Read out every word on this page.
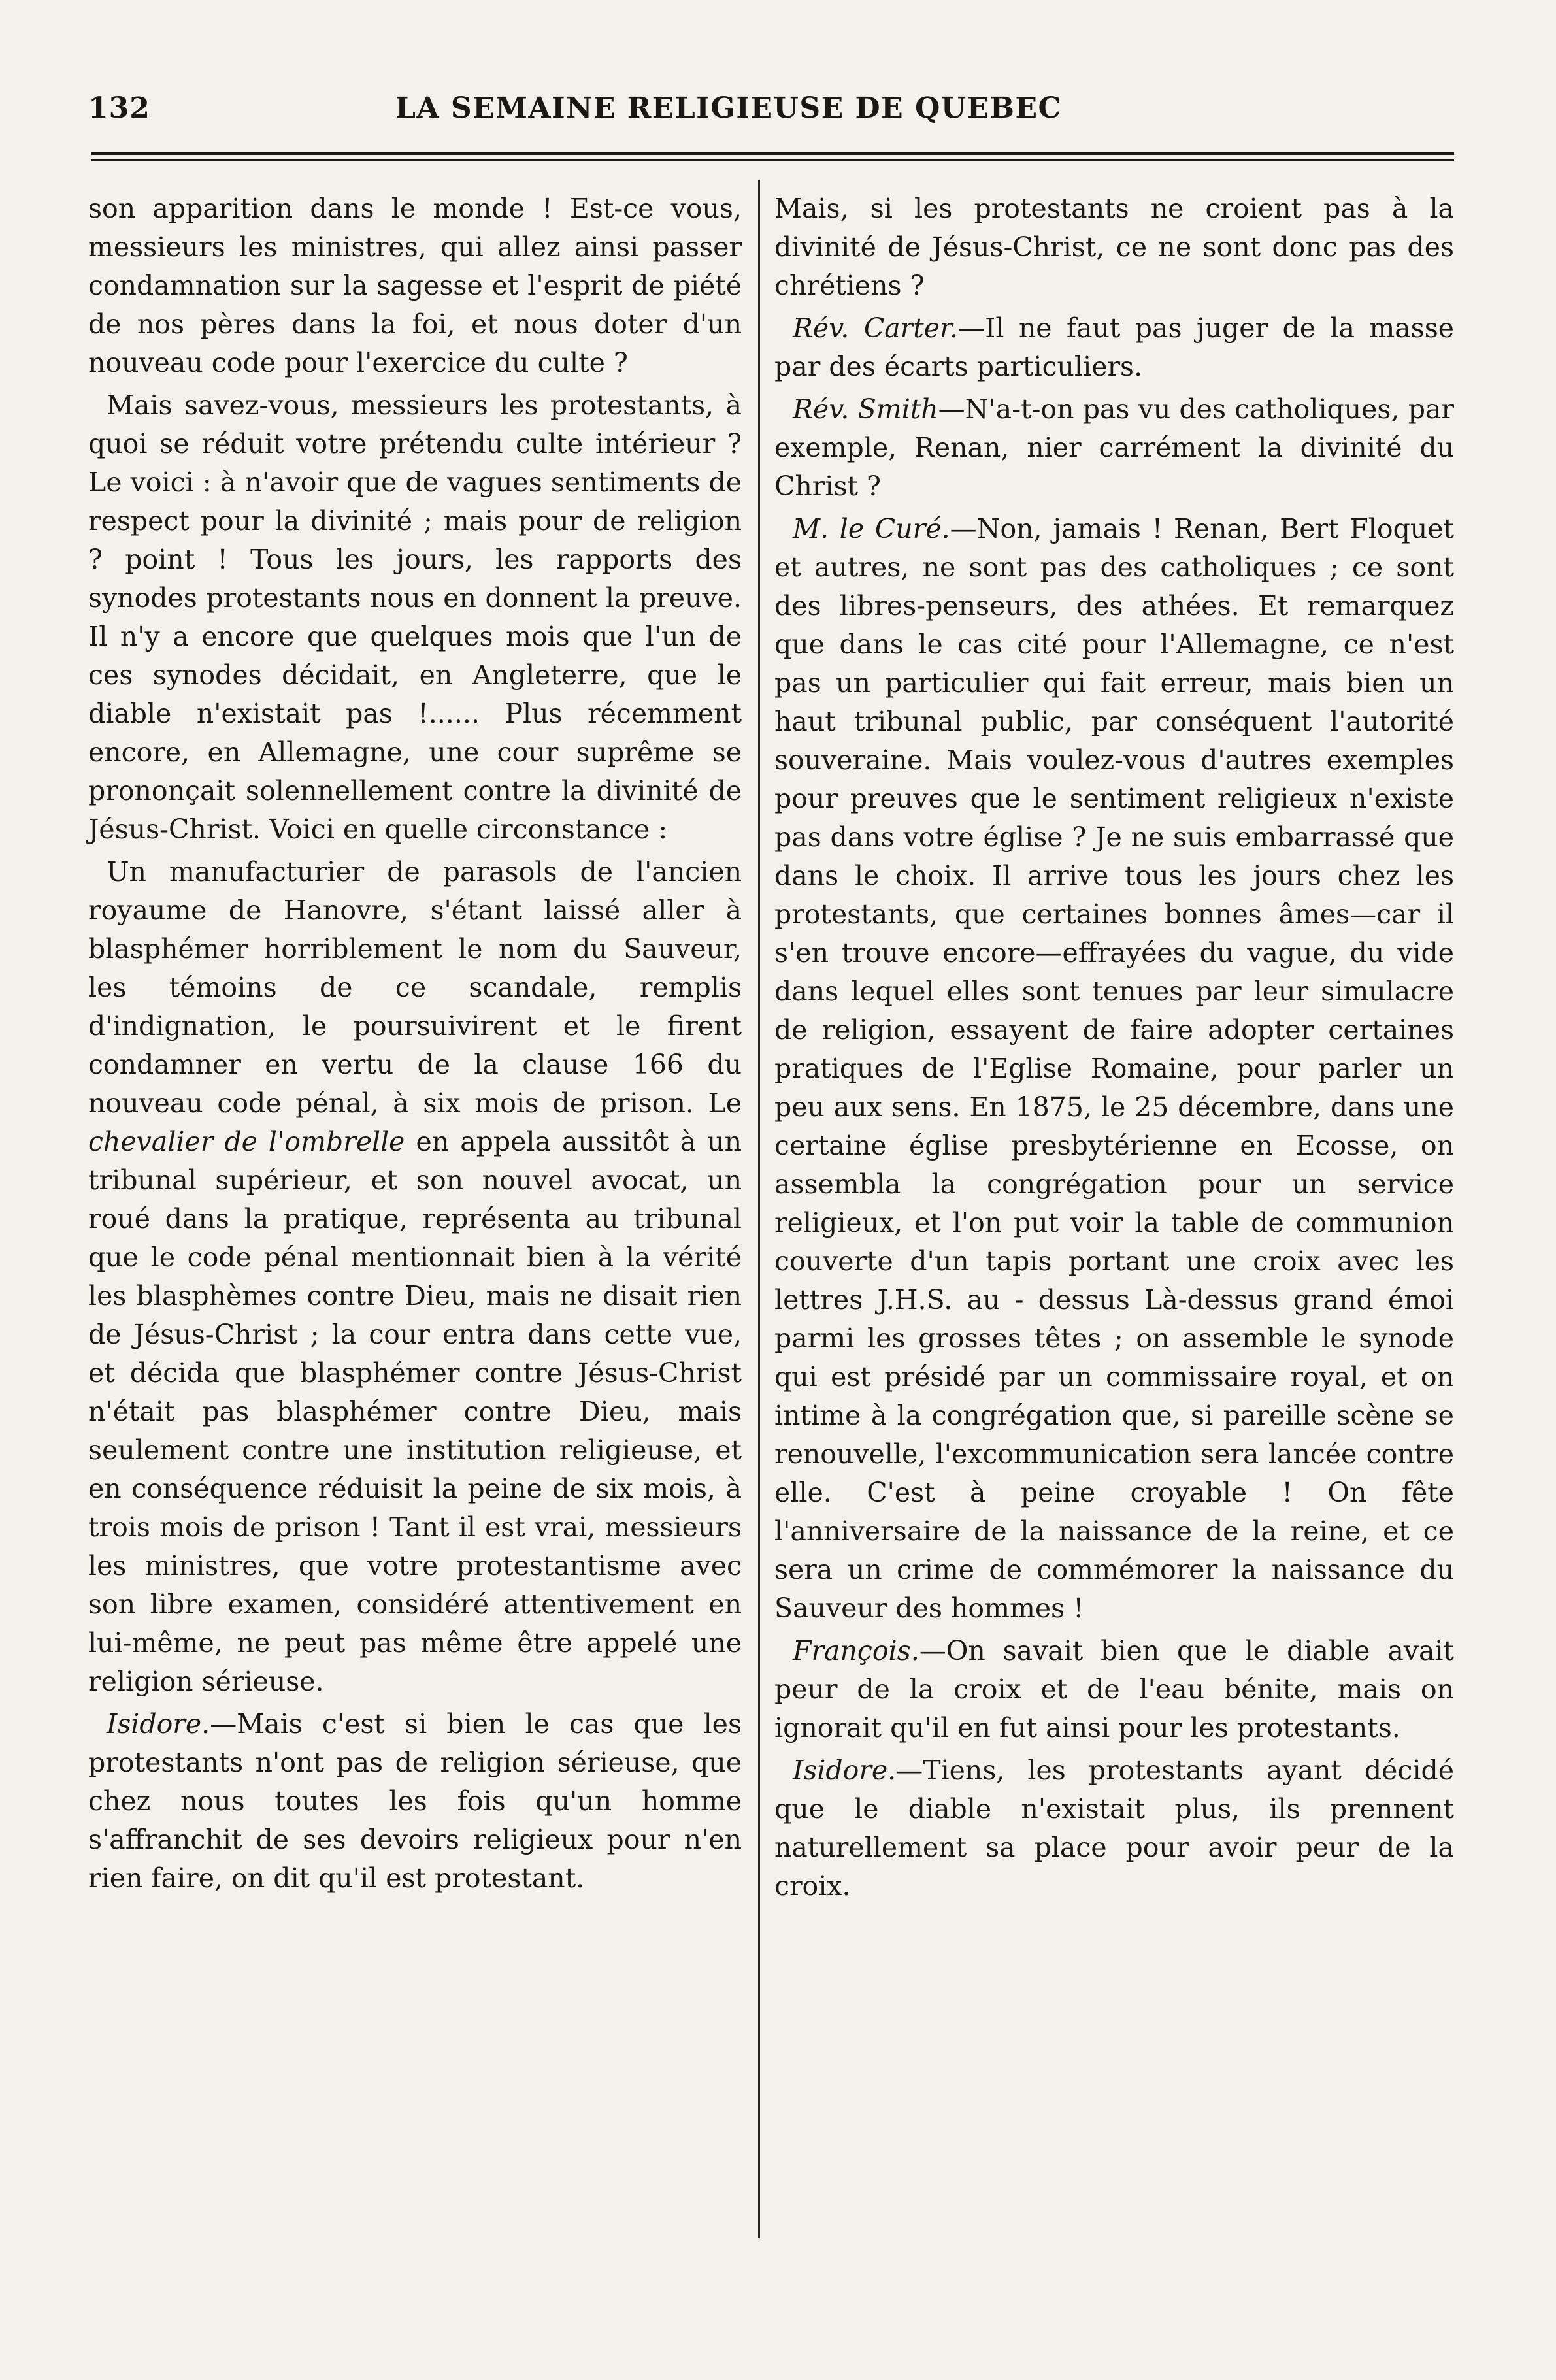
132	LA SEMAINE RELIGIEUSE DE QUEBEC

son apparition dans le monde ! Est-ce vous, messieurs les ministres, qui allez ainsi passer condamnation sur la sagesse et l'esprit de piété de nos pères dans la foi, et nous doter d'un nouveau code pour l'exercice du culte ?

Mais savez-vous, messieurs les protestants, à quoi se réduit votre prétendu culte intérieur ? Le voici : à n'avoir que de vagues sentiments de respect pour la divinité ; mais pour de religion ? point ! Tous les jours, les rapports des synodes protestants nous en donnent la preuve. Il n'y a encore que quelques mois que l'un de ces synodes décidait, en Angleterre, que le diable n'existait pas !...... Plus récemment encore, en Allemagne, une cour suprême se prononçait solennellement contre la divinité de Jésus-Christ. Voici en quelle circonstance :

Un manufacturier de parasols de l'ancien royaume de Hanovre, s'étant laissé aller à blasphémer horriblement le nom du Sauveur, les témoins de ce scandale, remplis d'indignation, le poursuivirent et le firent condamner en vertu de la clause 166 du nouveau code pénal, à six mois de prison. Le chevalier de l'ombrelle en appela aussitôt à un tribunal supérieur, et son nouvel avocat, un roué dans la pratique, représenta au tribunal que le code pénal mentionnait bien à la vérité les blasphèmes contre Dieu, mais ne disait rien de Jésus-Christ ; la cour entra dans cette vue, et décida que blasphémer contre Jésus-Christ n'était pas blasphémer contre Dieu, mais seulement contre une institution religieuse, et en conséquence réduisit la peine de six mois, à trois mois de prison ! Tant il est vrai, messieurs les ministres, que votre protestantisme avec son libre examen, considéré attentivement en lui-même, ne peut pas même être appelé une religion sérieuse.

Isidore.—Mais c'est si bien le cas que les protestants n'ont pas de religion sérieuse, que chez nous toutes les fois qu'un homme s'affranchit de ses devoirs religieux pour n'en rien faire, on dit qu'il est protestant.

Mais, si les protestants ne croient pas à la divinité de Jésus-Christ, ce ne sont donc pas des chrétiens ?

Rév. Carter.—Il ne faut pas juger de la masse par des écarts particuliers.

Rév. Smith—N'a-t-on pas vu des catholiques, par exemple, Renan, nier carrément la divinité du Christ ?

M. le Curé.—Non, jamais ! Renan, Bert Floquet et autres, ne sont pas des catholiques ; ce sont des libres-penseurs, des athées. Et remarquez que dans le cas cité pour l'Allemagne, ce n'est pas un particulier qui fait erreur, mais bien un haut tribunal public, par conséquent l'autorité souveraine. Mais voulez-vous d'autres exemples pour preuves que le sentiment religieux n'existe pas dans votre église ? Je ne suis embarrassé que dans le choix. Il arrive tous les jours chez les protestants, que certaines bonnes âmes—car il s'en trouve encore—effrayées du vague, du vide dans lequel elles sont tenues par leur simulacre de religion, essayent de faire adopter certaines pratiques de l'Eglise Romaine, pour parler un peu aux sens. En 1875, le 25 décembre, dans une certaine église presbytérienne en Ecosse, on assembla la congrégation pour un service religieux, et l'on put voir la table de communion couverte d'un tapis portant une croix avec les lettres J.H.S. au - dessus Là-dessus grand émoi parmi les grosses têtes ; on assemble le synode qui est présidé par un commissaire royal, et on intime à la congrégation que, si pareille scène se renouvelle, l'excommunication sera lancée contre elle. C'est à peine croyable ! On fête l'anniversaire de la naissance de la reine, et ce sera un crime de commémorer la naissance du Sauveur des hommes !

François.—On savait bien que le diable avait peur de la croix et de l'eau bénite, mais on ignorait qu'il en fut ainsi pour les protestants.

Isidore.—Tiens, les protestants ayant décidé que le diable n'existait plus, ils prennent naturellement sa place pour avoir peur de la croix.
